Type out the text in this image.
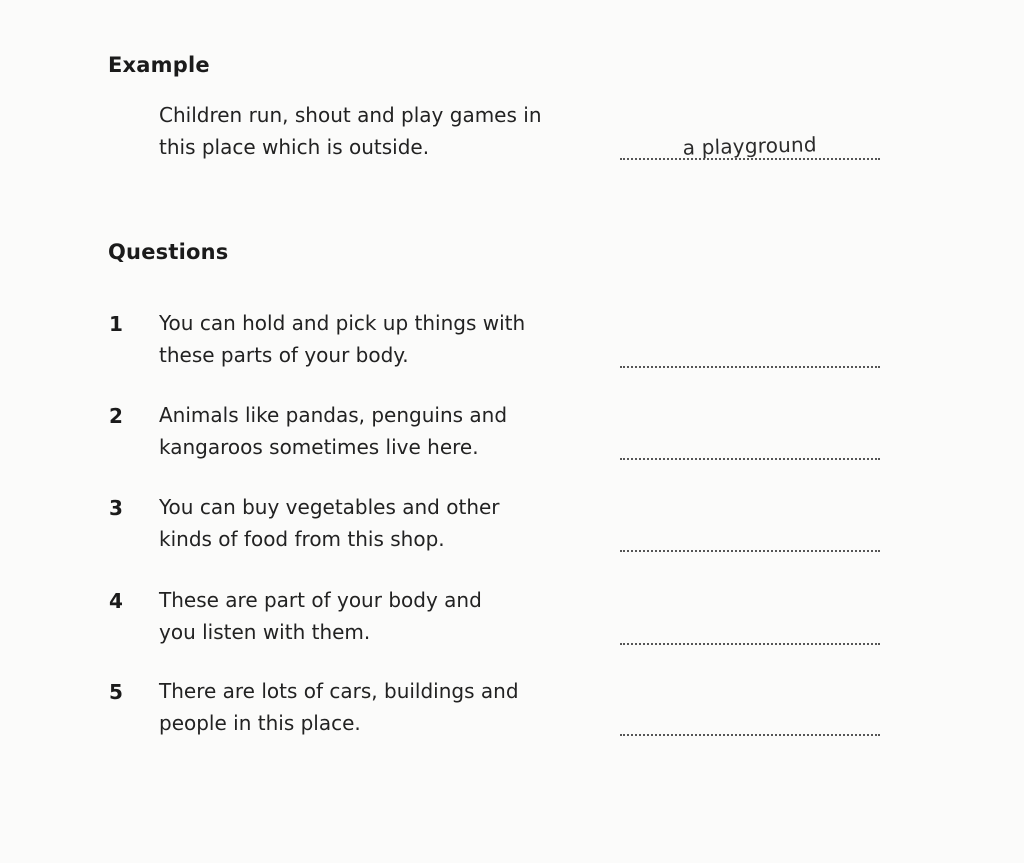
Example
Children run, shout and play games in
this place which is outside.	a playground
Questions
1 You can hold and pick up things with
these parts of your body.
2 Animals like pandas, penguins and
kangaroos sometimes live here.
3 You can buy vegetables and other
kinds of food from this shop.
4 These are part of your body and
you listen with them.
5 There are lots of cars, buildings and
people in this place.
